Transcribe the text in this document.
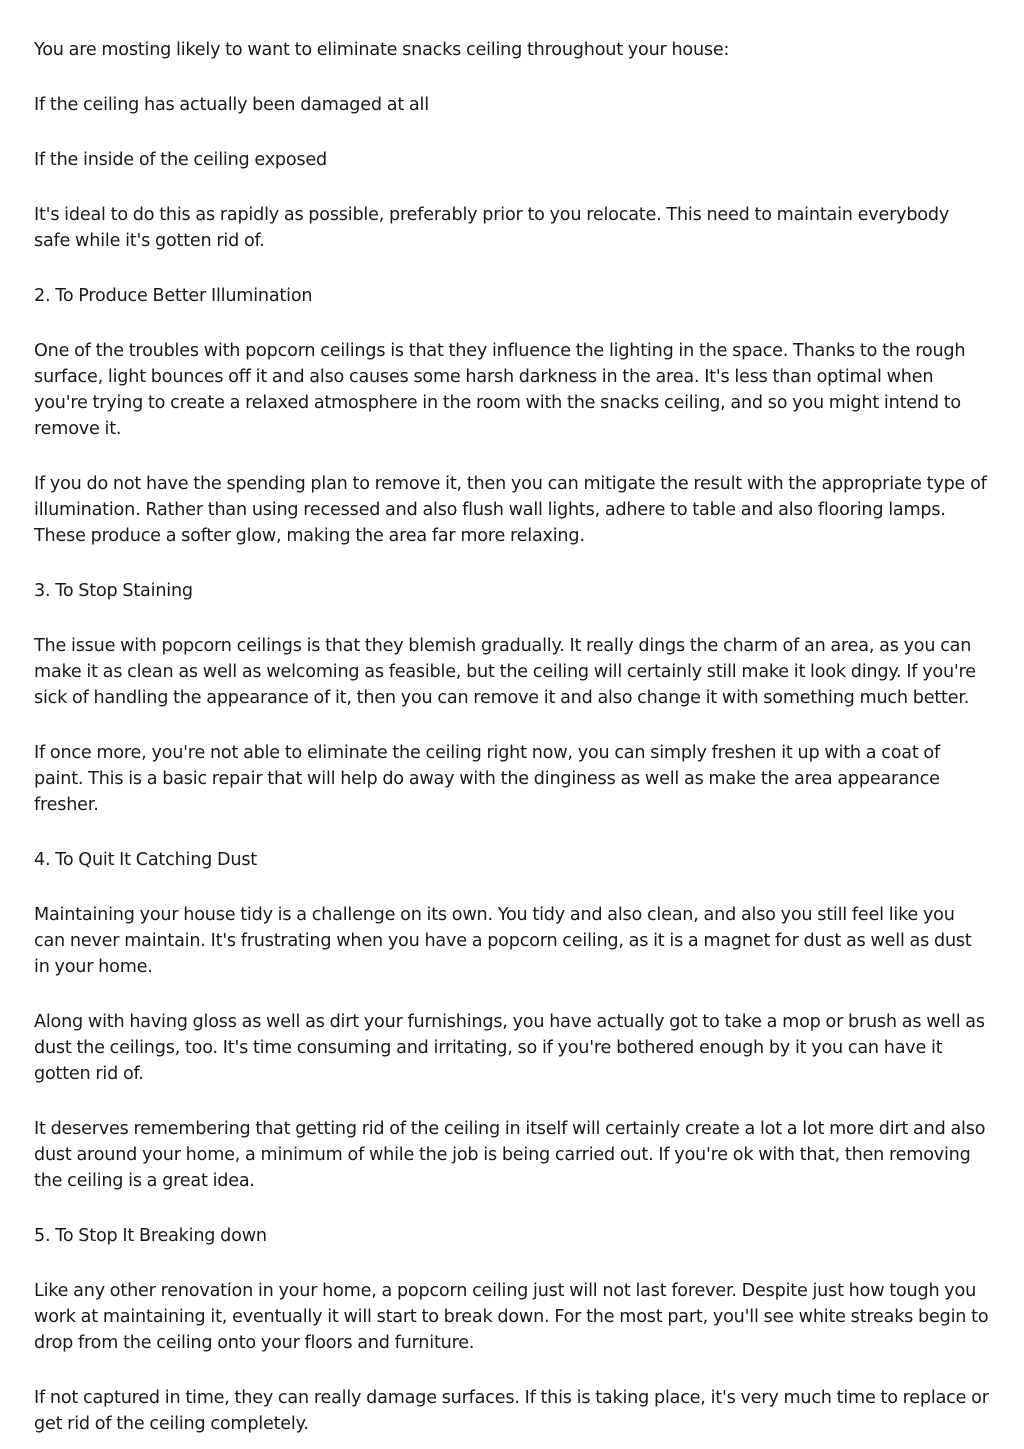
You are mosting likely to want to eliminate snacks ceiling throughout your house:

If the ceiling has actually been damaged at all

If the inside of the ceiling exposed

It's ideal to do this as rapidly as possible, preferably prior to you relocate. This need to maintain everybody safe while it's gotten rid of.

2. To Produce Better Illumination

One of the troubles with popcorn ceilings is that they influence the lighting in the space. Thanks to the rough surface, light bounces off it and also causes some harsh darkness in the area. It's less than optimal when you're trying to create a relaxed atmosphere in the room with the snacks ceiling, and so you might intend to remove it.

If you do not have the spending plan to remove it, then you can mitigate the result with the appropriate type of illumination. Rather than using recessed and also flush wall lights, adhere to table and also flooring lamps. These produce a softer glow, making the area far more relaxing.

3. To Stop Staining

The issue with popcorn ceilings is that they blemish gradually. It really dings the charm of an area, as you can make it as clean as well as welcoming as feasible, but the ceiling will certainly still make it look dingy. If you're sick of handling the appearance of it, then you can remove it and also change it with something much better.

If once more, you're not able to eliminate the ceiling right now, you can simply freshen it up with a coat of paint. This is a basic repair that will help do away with the dinginess as well as make the area appearance fresher.

4. To Quit It Catching Dust

Maintaining your house tidy is a challenge on its own. You tidy and also clean, and also you still feel like you can never maintain. It's frustrating when you have a popcorn ceiling, as it is a magnet for dust as well as dust in your home.

Along with having gloss as well as dirt your furnishings, you have actually got to take a mop or brush as well as dust the ceilings, too. It's time consuming and irritating, so if you're bothered enough by it you can have it gotten rid of.

It deserves remembering that getting rid of the ceiling in itself will certainly create a lot a lot more dirt and also dust around your home, a minimum of while the job is being carried out. If you're ok with that, then removing the ceiling is a great idea.

5. To Stop It Breaking down

Like any other renovation in your home, a popcorn ceiling just will not last forever. Despite just how tough you work at maintaining it, eventually it will start to break down. For the most part, you'll see white streaks begin to drop from the ceiling onto your floors and furniture.

If not captured in time, they can really damage surfaces. If this is taking place, it's very much time to replace or get rid of the ceiling completely.
